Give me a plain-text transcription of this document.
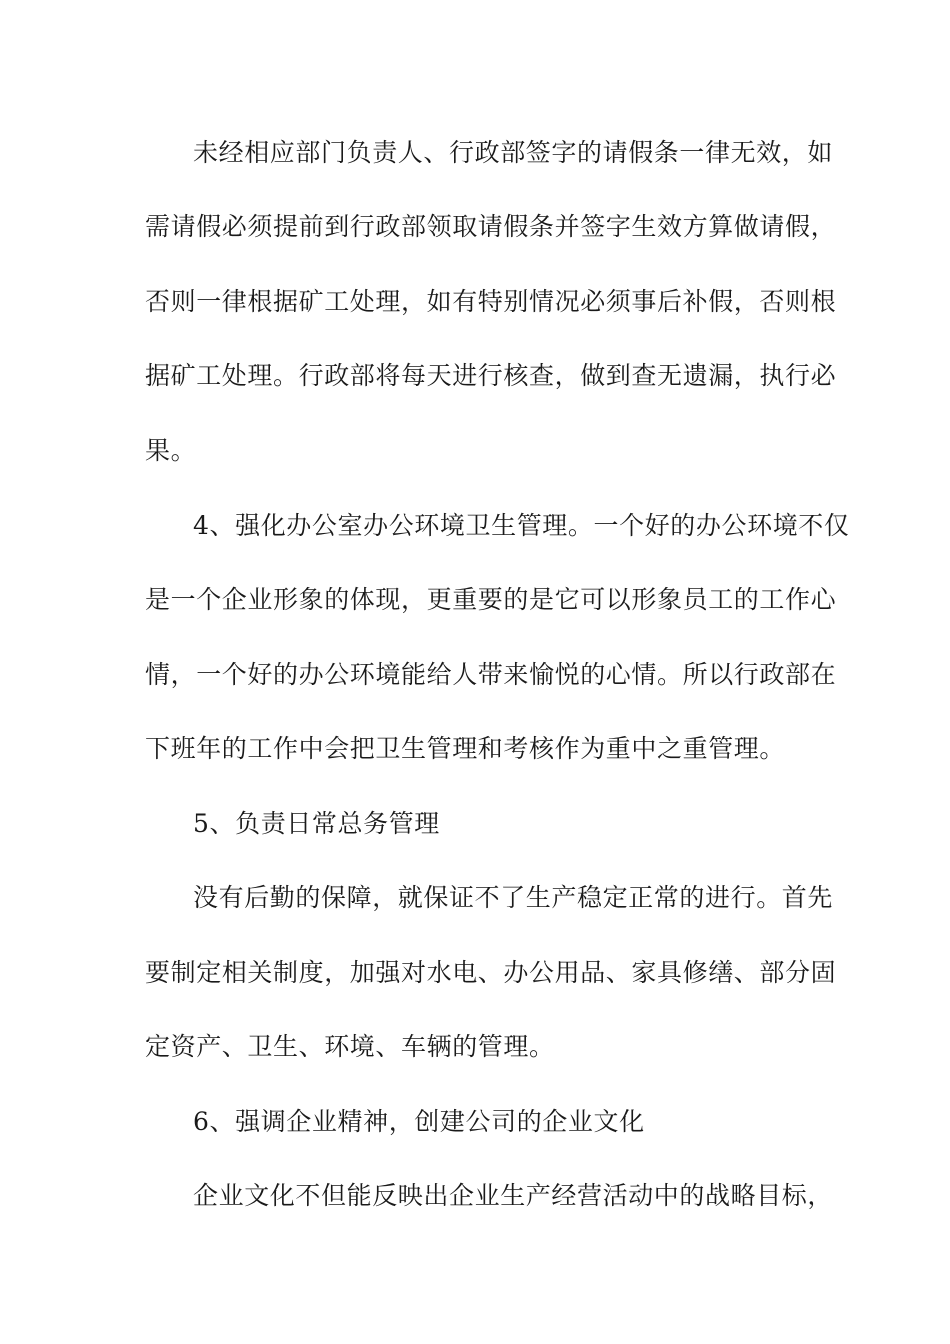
未经相应部门负责人、行政部签字的请假条一律无效，如
需请假必须提前到行政部领取请假条并签字生效方算做请假，
否则一律根据矿工处理，如有特别情况必须事后补假，否则根
据矿工处理。行政部将每天进行核查，做到查无遗漏，执行必
果。
4、强化办公室办公环境卫生管理。一个好的办公环境不仅
是一个企业形象的体现，更重要的是它可以形象员工的工作心
情，一个好的办公环境能给人带来愉悦的心情。所以行政部在
下班年的工作中会把卫生管理和考核作为重中之重管理。
5、负责日常总务管理
没有后勤的保障，就保证不了生产稳定正常的进行。首先
要制定相关制度，加强对水电、办公用品、家具修缮、部分固
定资产、卫生、环境、车辆的管理。
6、强调企业精神，创建公司的企业文化
企业文化不但能反映出企业生产经营活动中的战略目标，
